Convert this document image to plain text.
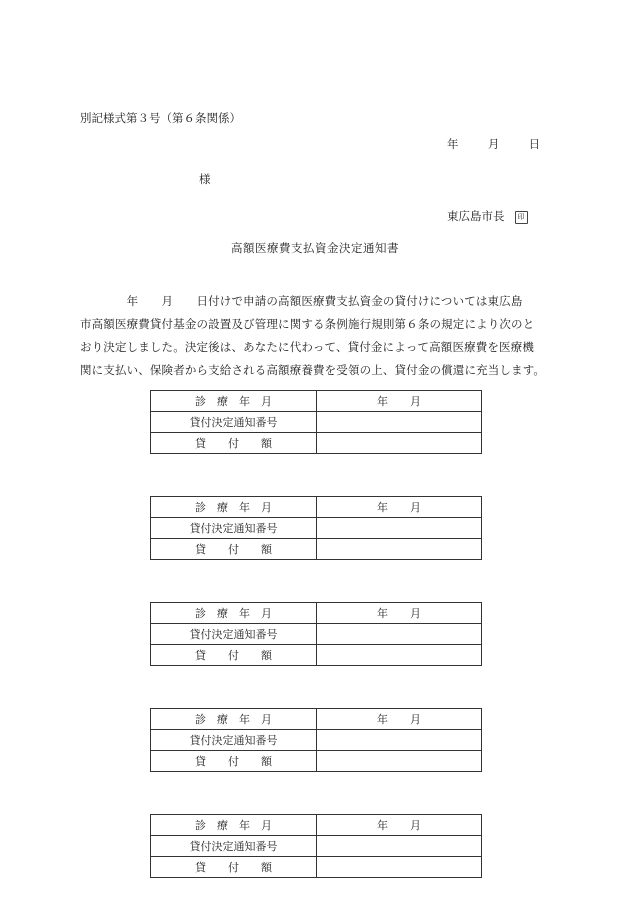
別記様式第３号（第６条関係）
年	月	日
様
東広島市長 印
高額医療費支払資金決定通知書
　　　　年　　月　　日付けで申請の高額医療費支払資金の貸付けについては東広島
市高額医療費貸付基金の設置及び管理に関する条例施行規則第６条の規定により次のと
おり決定しました。決定後は、あなたに代わって、貸付金によって高額医療費を医療機
関に支払い、保険者から支給される高額療養費を受領の上、貸付金の償還に充当します。
診　療　年　月	年　　月
貸付決定通知番号	
貸　　付　　額	
診　療　年　月	年　　月
貸付決定通知番号	
貸　　付　　額	
診　療　年　月	年　　月
貸付決定通知番号	
貸　　付　　額	
診　療　年　月	年　　月
貸付決定通知番号	
貸　　付　　額	
診　療　年　月	年　　月
貸付決定通知番号	
貸　　付　　額	
